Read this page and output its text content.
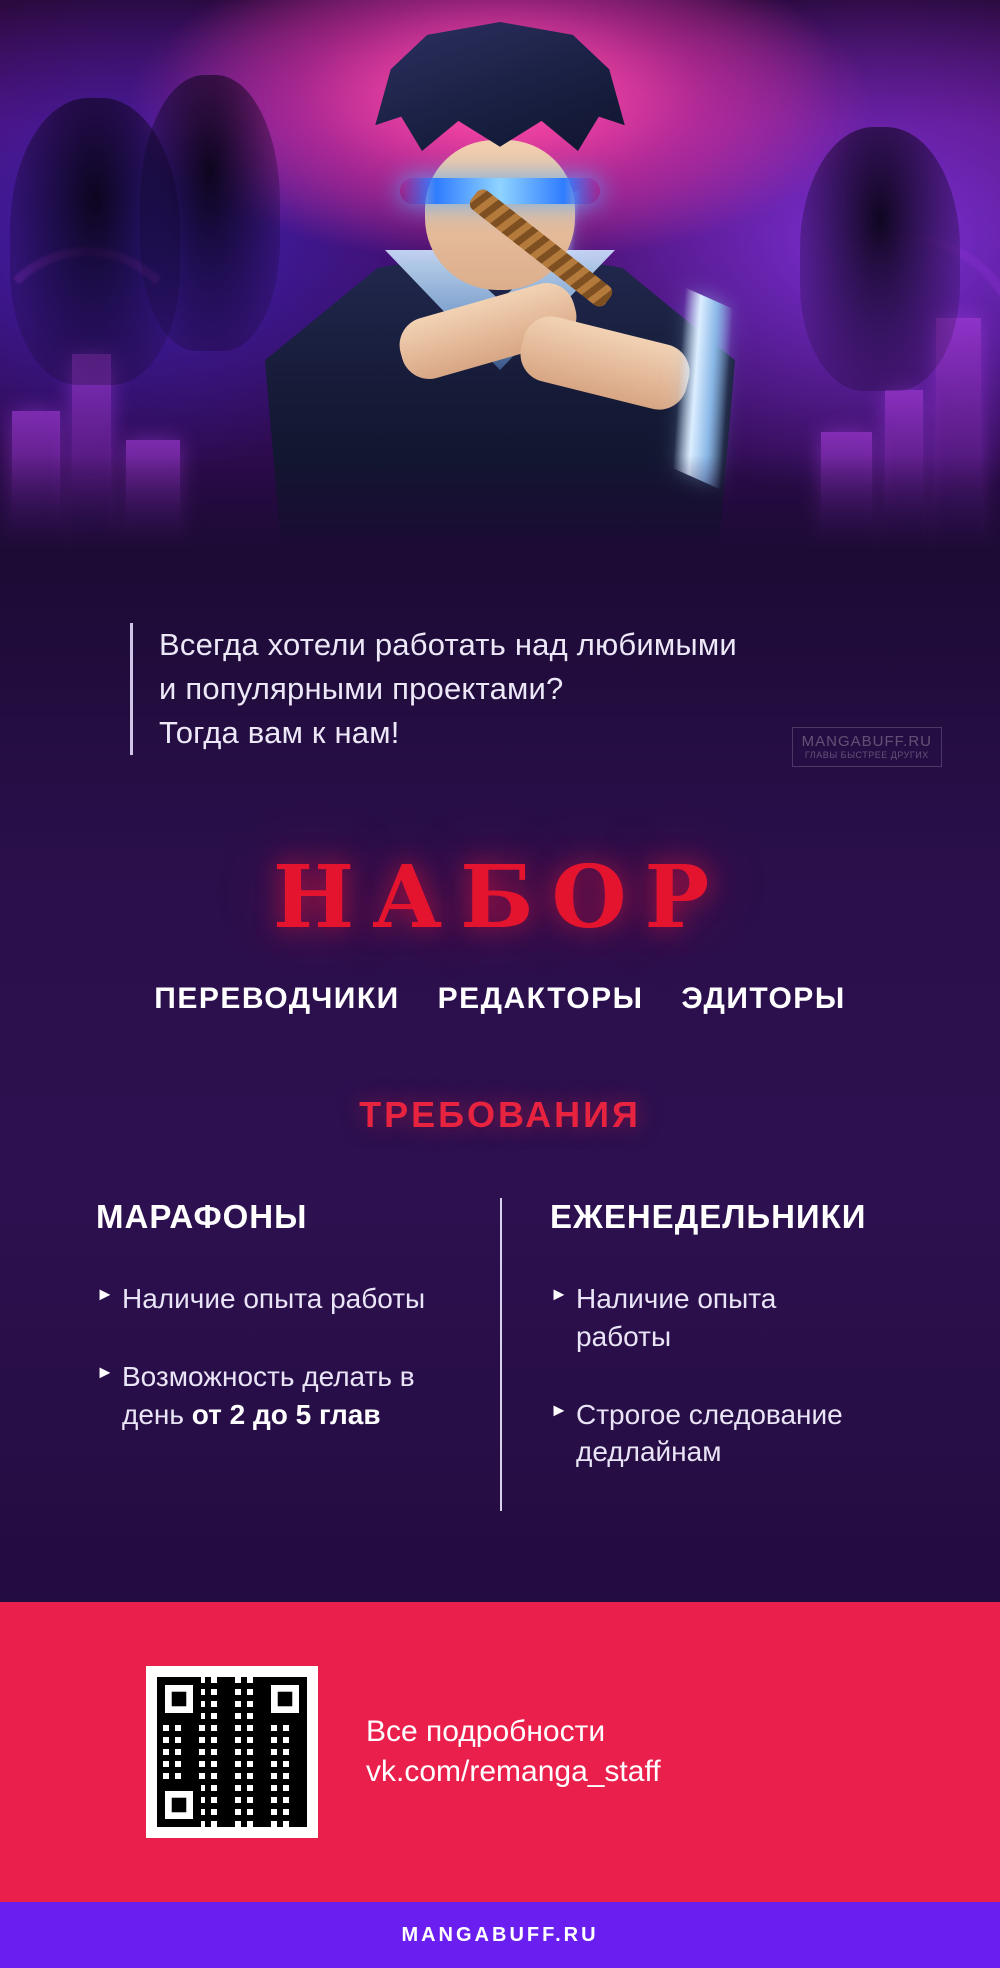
Всегда хотели работать над любимыми

и популярными проектами?

Тогда вам к нам!	MANGABUFF.RU
ГЛАВЫ БЫСТРЕЕ ДРУГИХ
НАБОР
ПЕРЕВОДЧИКИ РЕДАКТОРЫ ЭДИТОРЫ
ТРЕБОВАНИЯ
МАРАФОНЫ
► Наличие опыта работы
► Возможность делать в день от 2 до 5 глав
ЕЖЕНЕДЕЛЬНИКИ
► Наличие опыта работы
► Строгое следование дедлайнам
Все подробности
vk.com/remanga_staff
MANGABUFF.RU
